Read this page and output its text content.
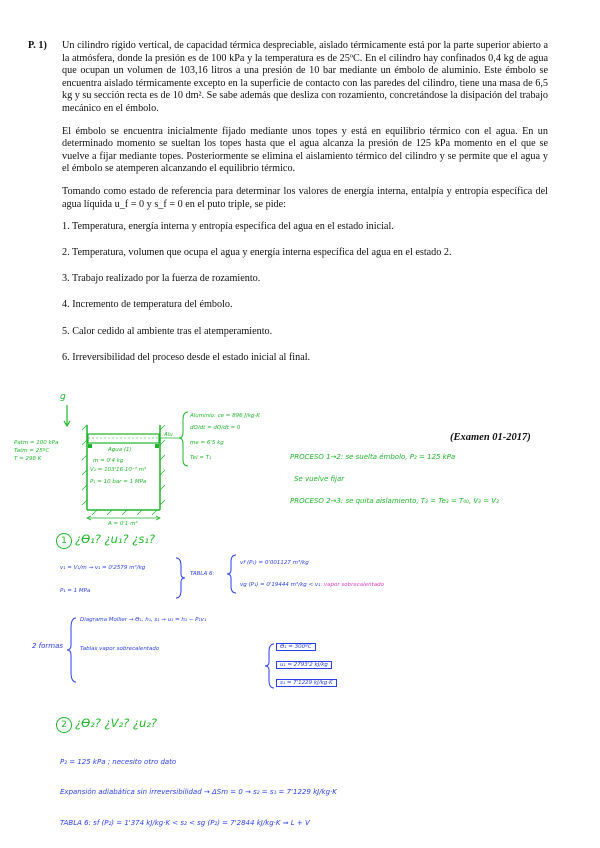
P. 1)	Un cilindro rígido vertical, de capacidad térmica despreciable, aislado térmicamente está por la parte superior abierto a la atmósfera, donde la presión es de 100 kPa y la temperatura es de 25ºC. En el cilindro hay confinados 0,4 kg de agua que ocupan un volumen de 103,16 litros a una presión de 10 bar mediante un émbolo de aluminio. Este émbolo se encuentra aislado térmicamente excepto en la superficie de contacto con las paredes del cilindro, tiene una masa de 6,5 kg y su sección recta es de 10 dm². Se sabe además que desliza con rozamiento, concretándose la disipación del trabajo mecánico en el émbolo.

El émbolo se encuentra inicialmente fijado mediante unos topes y está en equilibrio térmico con el agua. En un determinado momento se sueltan los topes hasta que el agua alcanza la presión de 125 kPa momento en el que se vuelve a fijar mediante topes. Posteriormente se elimina el aislamiento térmico del cilindro y se permite que el agua y el émbolo se atemperen alcanzando el equilibrio térmico.

Tomando como estado de referencia para determinar los valores de energía interna, entalpía y entropía específica del agua líquida u_f = 0 y s_f = 0 en el puto triple, se pide:

1. Temperatura, energía interna y entropía específica del agua en el estado inicial.
2. Temperatura, volumen que ocupa el agua y energía interna específica del agua en el estado 2.
3. Trabajo realizado por la fuerza de rozamiento.
4. Incremento de temperatura del émbolo.
5. Calor cedido al ambiente tras el atemperamiento.
6. Irreversibilidad del proceso desde el estado inicial al final.
(Examen 01-2017)
g
Patm = 100 kPa
Tatm = 25ºC
T = 298 K
Agua (1)
m = 0'4 kg
V₁ = 103'16·10⁻³ m³
P₁ = 10 bar = 1 MPa
A = 0'1 m²
Alu
Aluminio: ce = 896 J/kg·K
dQ/dt = dQ/dt = 0
me = 6'5 kg
Tei = T₁	PROCESO 1→2: se suelta émbolo, P₂ = 125 kPa
Se vuelve fijar
PROCESO 2→3: se quita aislamiento, T₃ = Te₃ = T₀₀, V₃ = V₂
1 ¿ϴ₁? ¿u₁? ¿s₁?
v₁ = V₁/m → v₁ = 0'2579 m³/kg
P₁ = 1 MPa
TABLA 6:
vf (P₁) = 0'001127 m³/kg
vg (P₁) = 0'19444 m³/kg < v₁: vapor sobrecalentado
2 formas
Diagrama Mollier → ϴ₁, h₁, s₁ → u₁ = h₁ − P₁v₁
Tablas vapor sobrecalentado	ϴ₁ = 300ºC
u₁ = 2793'2 kJ/kg
s₁ = 7'1229 kJ/kg·K
2 ¿ϴ₂? ¿V₂? ¿u₂?
P₂ = 125 kPa ; necesito otro dato
Expansión adiabática sin irreversibilidad → ΔSm = 0 → s₂ = s₁ = 7'1229 kJ/kg·K
TABLA 6: sf (P₂) = 1'374 kJ/kg·K < s₂ < sg (P₂) = 7'2844 kJ/kg·K ⇒ L + V
